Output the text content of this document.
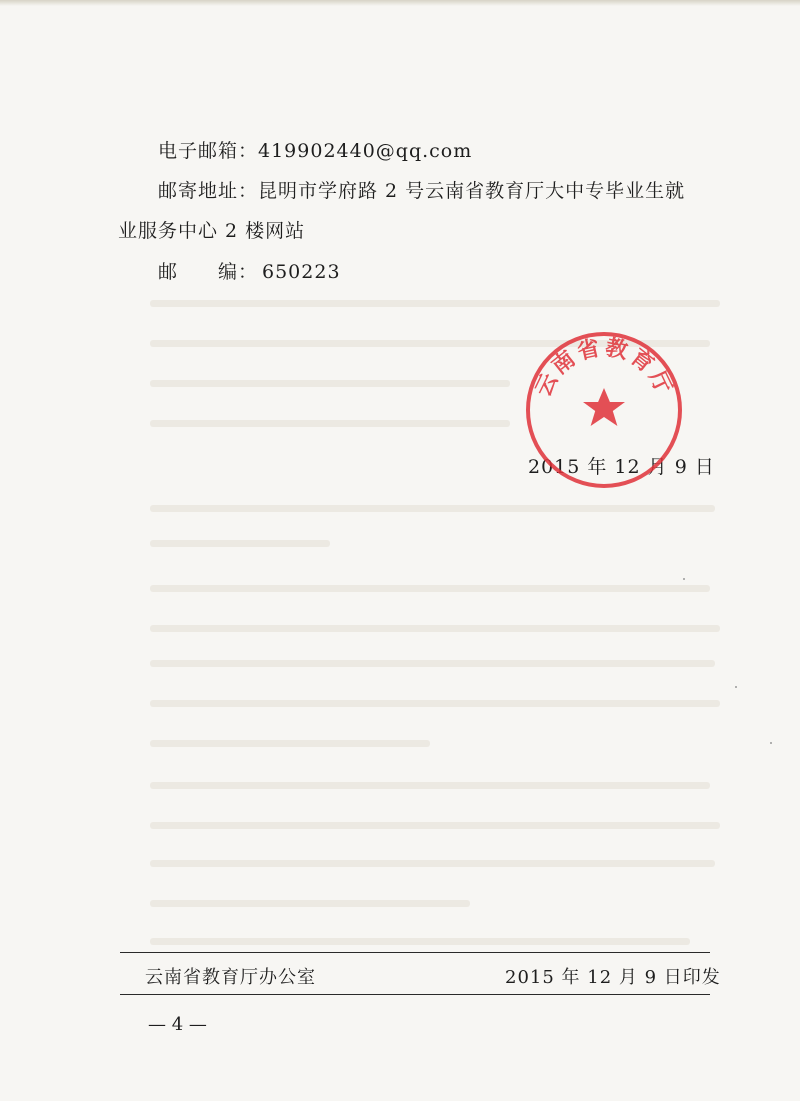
电子邮箱：419902440@qq.com
邮寄地址：昆明市学府路 2 号云南省教育厅大中专毕业生就
业服务中心 2 楼网站
邮　　编： 650223
2015 年 12 月 9 日
云南省教育厅
云南省教育厅办公室	2015 年 12 月 9 日印发
— 4 —
